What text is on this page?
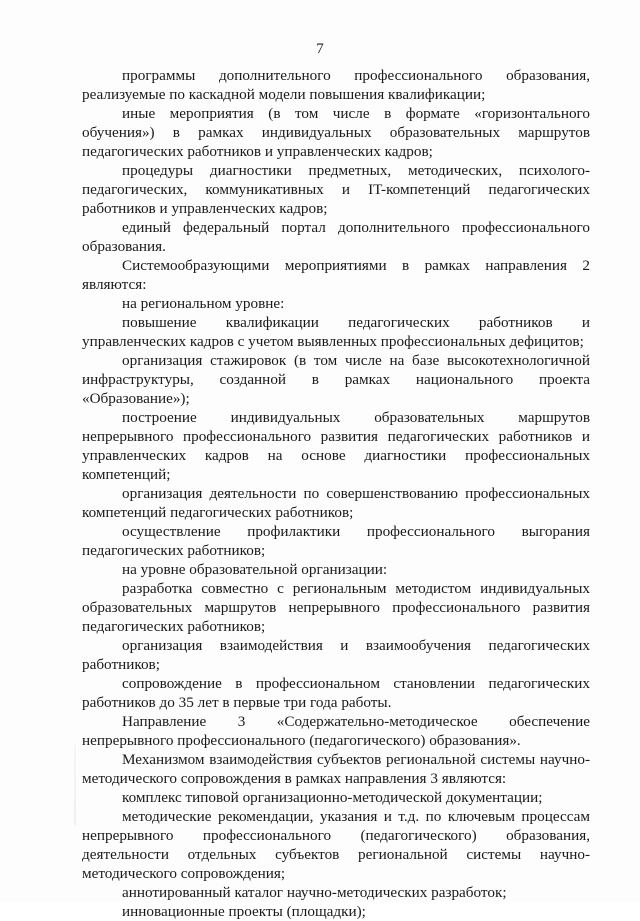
7

программы дополнительного профессионального образования, реализуемые по каскадной модели повышения квалификации;

иные мероприятия (в том числе в формате «горизонтального обучения») в рамках индивидуальных образовательных маршрутов педагогических работников и управленческих кадров;

процедуры диагностики предметных, методических, психолого-педагогических, коммуникативных и IT-компетенций педагогических работников и управленческих кадров;

единый федеральный портал дополнительного профессионального образования.

Системообразующими мероприятиями в рамках направления 2 являются:

на региональном уровне:

повышение квалификации педагогических работников и управленческих кадров с учетом выявленных профессиональных дефицитов;

организация стажировок (в том числе на базе высокотехнологичной инфраструктуры, созданной в рамках национального проекта «Образование»);

построение индивидуальных образовательных маршрутов непрерывного профессионального развития педагогических работников и управленческих кадров на основе диагностики профессиональных компетенций;

организация деятельности по совершенствованию профессиональных компетенций педагогических работников;

осуществление профилактики профессионального выгорания педагогических работников;

на уровне образовательной организации:

разработка совместно с региональным методистом индивидуальных образовательных маршрутов непрерывного профессионального развития педагогических работников;

организация взаимодействия и взаимообучения педагогических работников;

сопровождение в профессиональном становлении педагогических работников до 35 лет в первые три года работы.

Направление 3 «Содержательно-методическое обеспечение непрерывного профессионального (педагогического) образования».

Механизмом взаимодействия субъектов региональной системы научно-методического сопровождения в рамках направления 3 являются:

комплекс типовой организационно-методической документации;

методические рекомендации, указания и т.д. по ключевым процессам непрерывного профессионального (педагогического) образования, деятельности отдельных субъектов региональной системы научно-методического сопровождения;

аннотированный каталог научно-методических разработок;

инновационные проекты (площадки);
